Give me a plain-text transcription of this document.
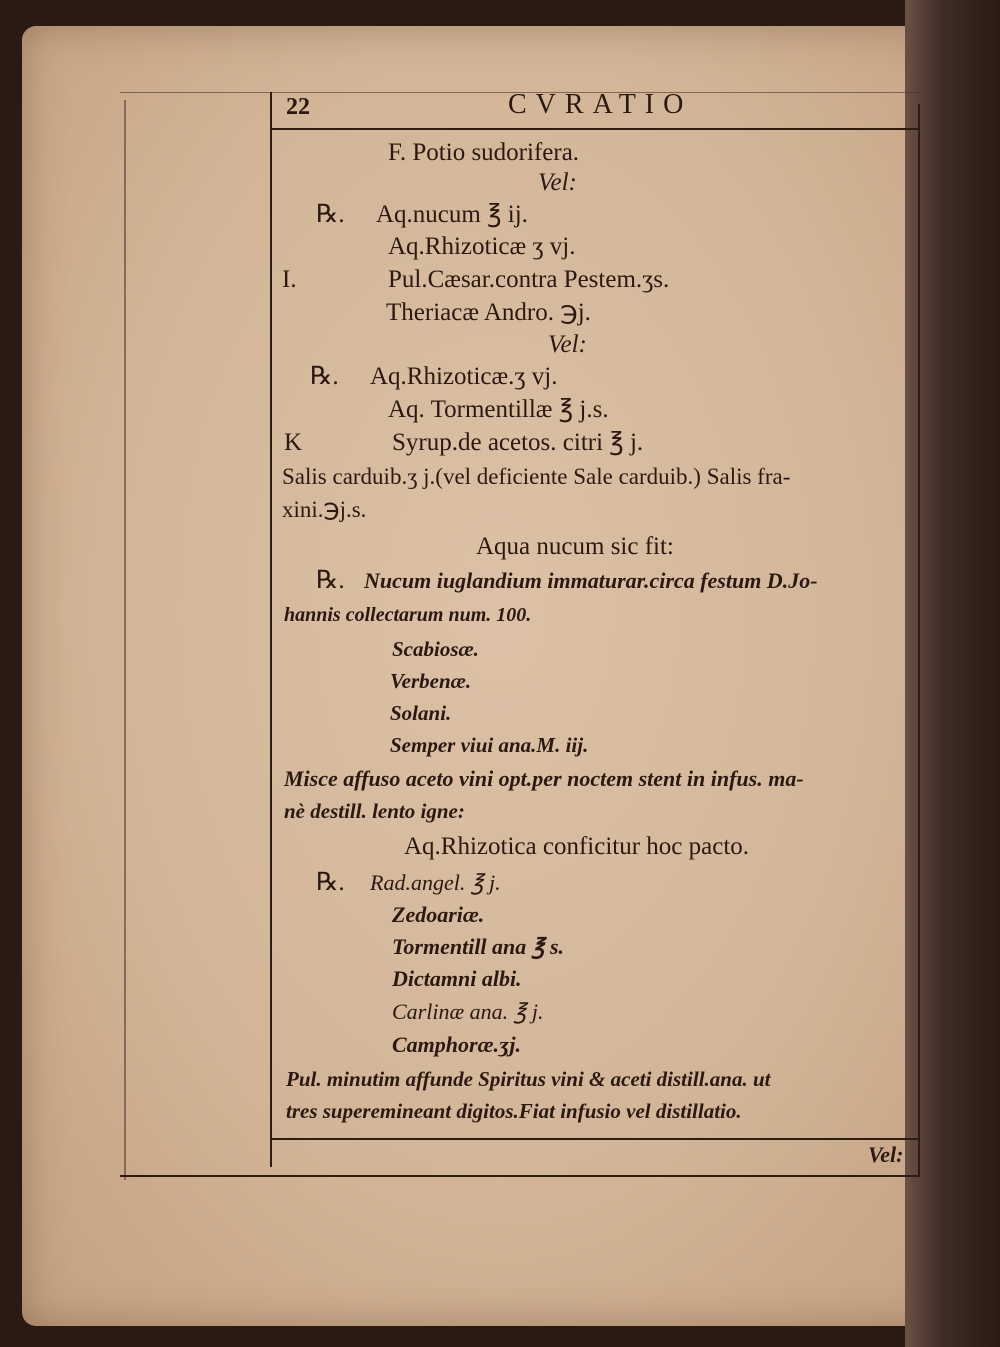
22	CVRATIO
F. Potio sudorifera.
Vel:
℞. Aq.nucum ℥ ij.
Aq.Rhizoticæ ʒ vj.
I.	Pul.Cæsar.contra Pestem.ʒs.
Theriacæ Andro. ℈j.
Vel:
℞. Aq.Rhizoticæ.ʒ vj.
Aq. Tormentillæ ℥ j.s.
K	Syrup.de acetos. citri ℥ j.
Salis carduib.ʒ j.(vel deficiente Sale carduib.) Salis fra-
xini.℈j.s.
Aqua nucum sic fit:
℞. Nucum iuglandium immaturar.circa festum D.Jo-
hannis collectarum num. 100.
Scabiosæ.
Verbenæ.
Solani.
Semper viui ana.M. iij.
Misce affuso aceto vini opt.per noctem stent in infus. ma-
nè destill. lento igne:
Aq.Rhizotica conficitur hoc pacto.
℞. Rad.angel. ℥ j.
Zedoariæ.
Tormentill ana ℥ s.
Dictamni albi.
Carlinæ ana. ℥ j.
Camphoræ.ʒj.
Pul. minutim affunde Spiritus vini & aceti distill.ana. ut
tres supereminеant digitos.Fiat infusio vel distillatio.
Vel:
